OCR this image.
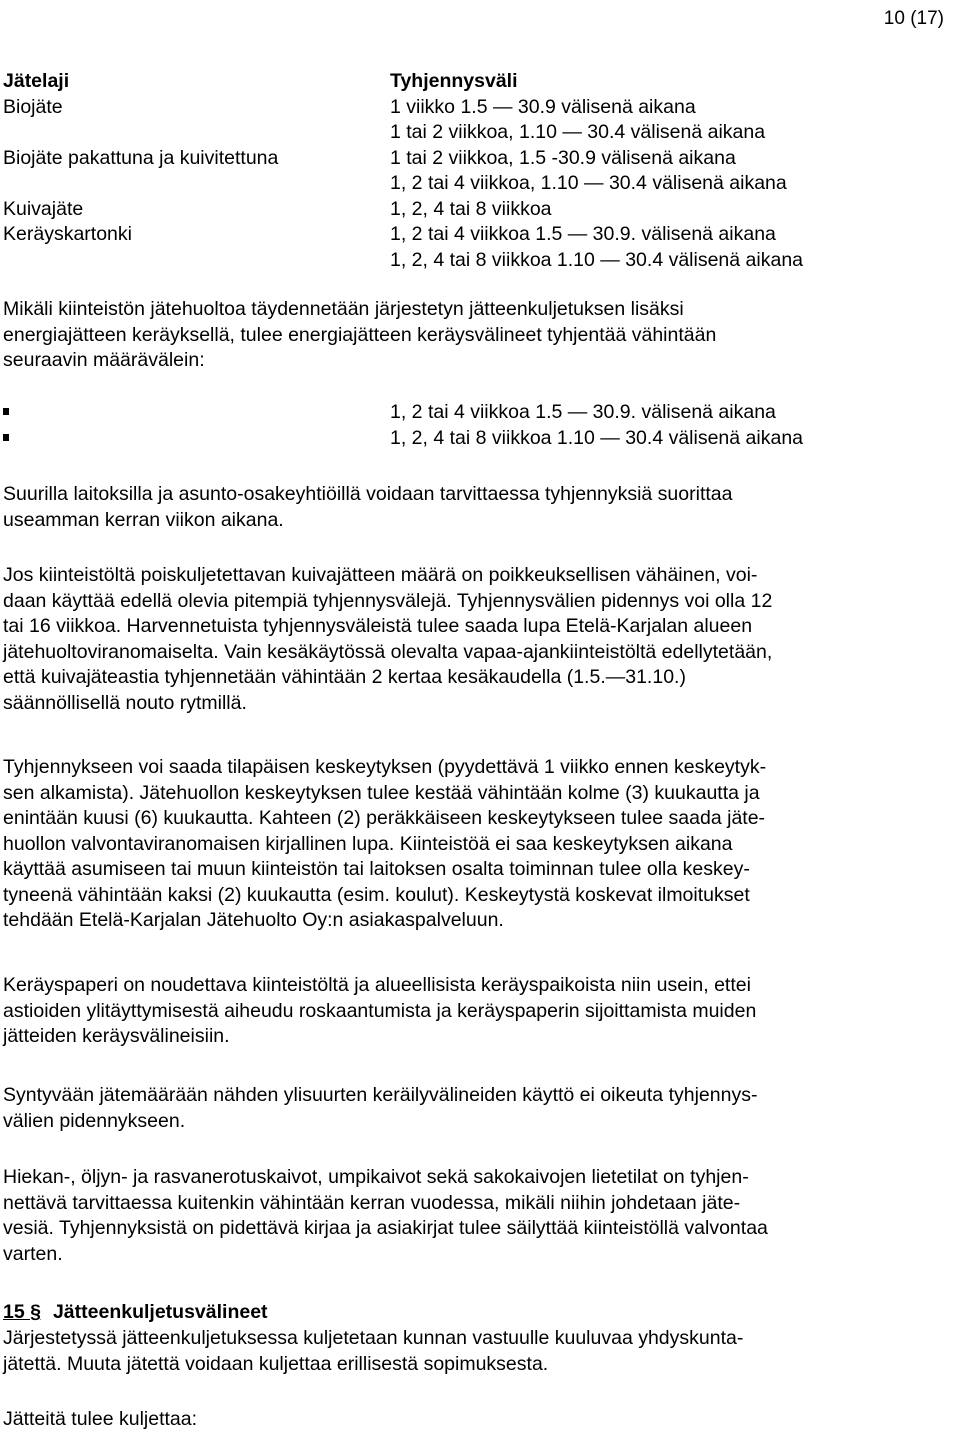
10 (17)
Jätelaji	Tyhjennysväli
Biojäte	1 viikko 1.5 — 30.9 välisenä aikana
1 tai 2 viikkoa, 1.10 — 30.4 välisenä aikana
Biojäte pakattuna ja kuivitettuna	1 tai 2 viikkoa, 1.5 -30.9 välisenä aikana
1, 2 tai 4 viikkoa, 1.10 — 30.4 välisenä aikana
Kuivajäte	1, 2, 4 tai 8 viikkoa
Keräyskartonki	1, 2 tai 4 viikkoa 1.5 — 30.9. välisenä aikana
1, 2, 4 tai 8 viikkoa 1.10 — 30.4 välisenä aikana

Mikäli kiinteistön jätehuoltoa täydennetään järjestetyn jätteenkuljetuksen lisäksi
energiajätteen keräyksellä, tulee energiajätteen keräysvälineet tyhjentää vähintään
seuraavin määrävälein:

1, 2 tai 4 viikkoa 1.5 — 30.9. välisenä aikana
1, 2, 4 tai 8 viikkoa 1.10 — 30.4 välisenä aikana

Suurilla laitoksilla ja asunto-osakeyhtiöillä voidaan tarvittaessa tyhjennyksiä suorittaa
useamman kerran viikon aikana.

Jos kiinteistöltä poiskuljetettavan kuivajätteen määrä on poikkeuksellisen vähäinen, voi-
daan käyttää edellä olevia pitempiä tyhjennysvälejä. Tyhjennysvälien pidennys voi olla 12
tai 16 viikkoa. Harvennetuista tyhjennysväleistä tulee saada lupa Etelä-Karjalan alueen
jätehuoltoviranomaiselta. Vain kesäkäytössä olevalta vapaa-ajankiinteistöltä edellytetään,
että kuivajäteastia tyhjennetään vähintään 2 kertaa kesäkaudella (1.5.—31.10.)
säännöllisellä nouto rytmillä.

Tyhjennykseen voi saada tilapäisen keskeytyksen (pyydettävä 1 viikko ennen keskeytyk-
sen alkamista). Jätehuollon keskeytyksen tulee kestää vähintään kolme (3) kuukautta ja
enintään kuusi (6) kuukautta. Kahteen (2) peräkkäiseen keskeytykseen tulee saada jäte-
huollon valvontaviranomaisen kirjallinen lupa. Kiinteistöä ei saa keskeytyksen aikana
käyttää asumiseen tai muun kiinteistön tai laitoksen osalta toiminnan tulee olla keskey-
tyneenä vähintään kaksi (2) kuukautta (esim. koulut). Keskeytystä koskevat ilmoitukset
tehdään Etelä-Karjalan Jätehuolto Oy:n asiakaspalveluun.

Keräyspaperi on noudettava kiinteistöltä ja alueellisista keräyspaikoista niin usein, ettei
astioiden ylitäyttymisestä aiheudu roskaantumista ja keräyspaperin sijoittamista muiden
jätteiden keräysvälineisiin.

Syntyvään jätemäärään nähden ylisuurten keräilyvälineiden käyttö ei oikeuta tyhjennys-
välien pidennykseen.

Hiekan-, öljyn- ja rasvanerotuskaivot, umpikaivot sekä sakokaivojen lietetilat on tyhjen-
nettävä tarvittaessa kuitenkin vähintään kerran vuodessa, mikäli niihin johdetaan jäte-
vesiä. Tyhjennyksistä on pidettävä kirjaa ja asiakirjat tulee säilyttää kiinteistöllä valvontaa
varten.

15 § Jätteenkuljetusvälineet

Järjestetyssä jätteenkuljetuksessa kuljetetaan kunnan vastuulle kuuluvaa yhdyskunta-
jätettä. Muuta jätettä voidaan kuljettaa erillisestä sopimuksesta.

Jätteitä tulee kuljettaa:
